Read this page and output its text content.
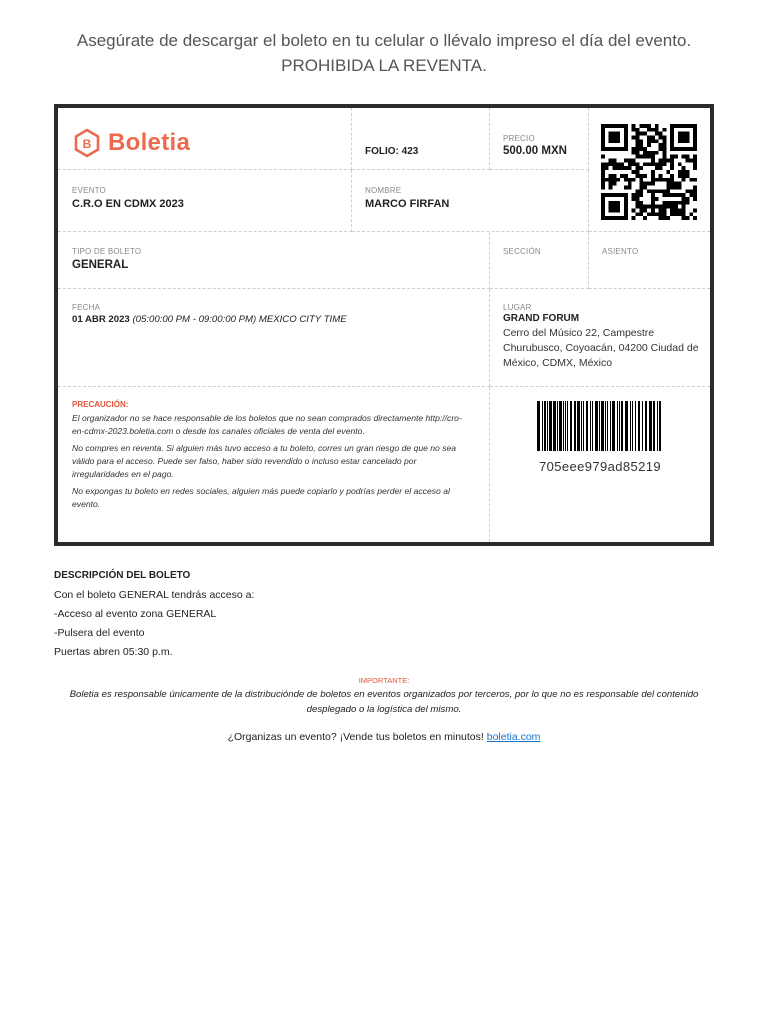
Asegúrate de descargar el boleto en tu celular o llévalo impreso el día del evento.
PROHIBIDA LA REVENTA.
B Boletia	FOLIO: 423
PRECIO
500.00 MXN
EVENTO
C.R.O EN CDMX 2023
NOMBRE
MARCO FIRFAN
TIPO DE BOLETO
GENERAL
SECCIÓN	ASIENTO
FECHA
01 ABR 2023 (05:00:00 PM - 09:00:00 PM) MEXICO CITY TIME
LUGAR
GRAND FORUM
Cerro del Músico 22, Campestre Churubusco, Coyoacán, 04200 Ciudad de México, CDMX, México

PRECAUCIÓN:

El organizador no se hace responsable de los boletos que no sean comprados directamente http://cro-en-cdmx-2023.boletia.com o desde los canales oficiales de venta del evento.

No compres en reventa. Si alguien más tuvo acceso a tu boleto, corres un gran riesgo de que no sea válido para el acceso. Puede ser falso, haber sido revendido o incluso estar cancelado por irregularidades en el pago.

No expongas tu boleto en redes sociales, alguien más puede copiarlo y podrías perder el acceso al evento.

705eee979ad85219
DESCRIPCIÓN DEL BOLETO
Con el boleto GENERAL tendrás acceso a:
-Acceso al evento zona GENERAL
-Pulsera del evento
Puertas abren 05:30 p.m.
IMPORTANTE:
Boletia es responsable únicamente de la distribuciónde de boletos en eventos organizados por terceros, por lo que no es responsable del contenido desplegado o la logística del mismo.
¿Organizas un evento? ¡Vende tus boletos en minutos! boletia.com
